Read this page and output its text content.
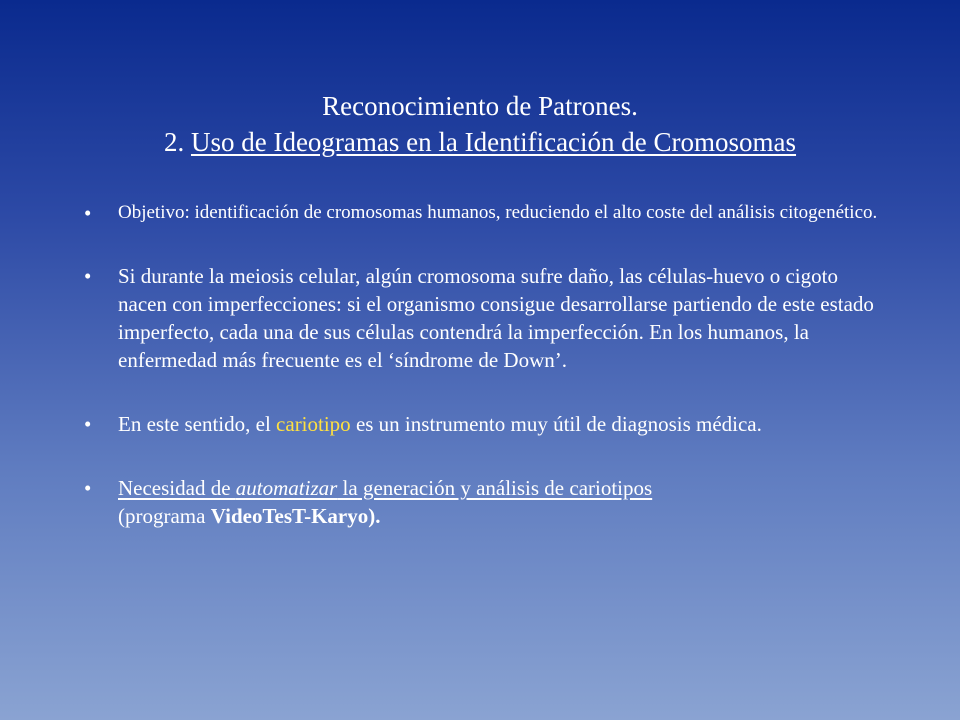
Reconocimiento de Patrones.
2. Uso de Ideogramas en la Identificación de Cromosomas
• Objetivo: identificación de cromosomas humanos, reduciendo el alto coste del análisis citogenético.
• Si durante la meiosis celular, algún cromosoma sufre daño, las células-huevo o cigoto nacen con imperfecciones: si el organismo consigue desarrollarse partiendo de este estado imperfecto, cada una de sus células contendrá la imperfección. En los humanos, la enfermedad más frecuente es el ‘síndrome de Down’.
• En este sentido, el cariotipo es un instrumento muy útil de diagnosis médica.
• Necesidad de automatizar la generación y análisis de cariotipos
(programa VideoTesT-Karyo).
